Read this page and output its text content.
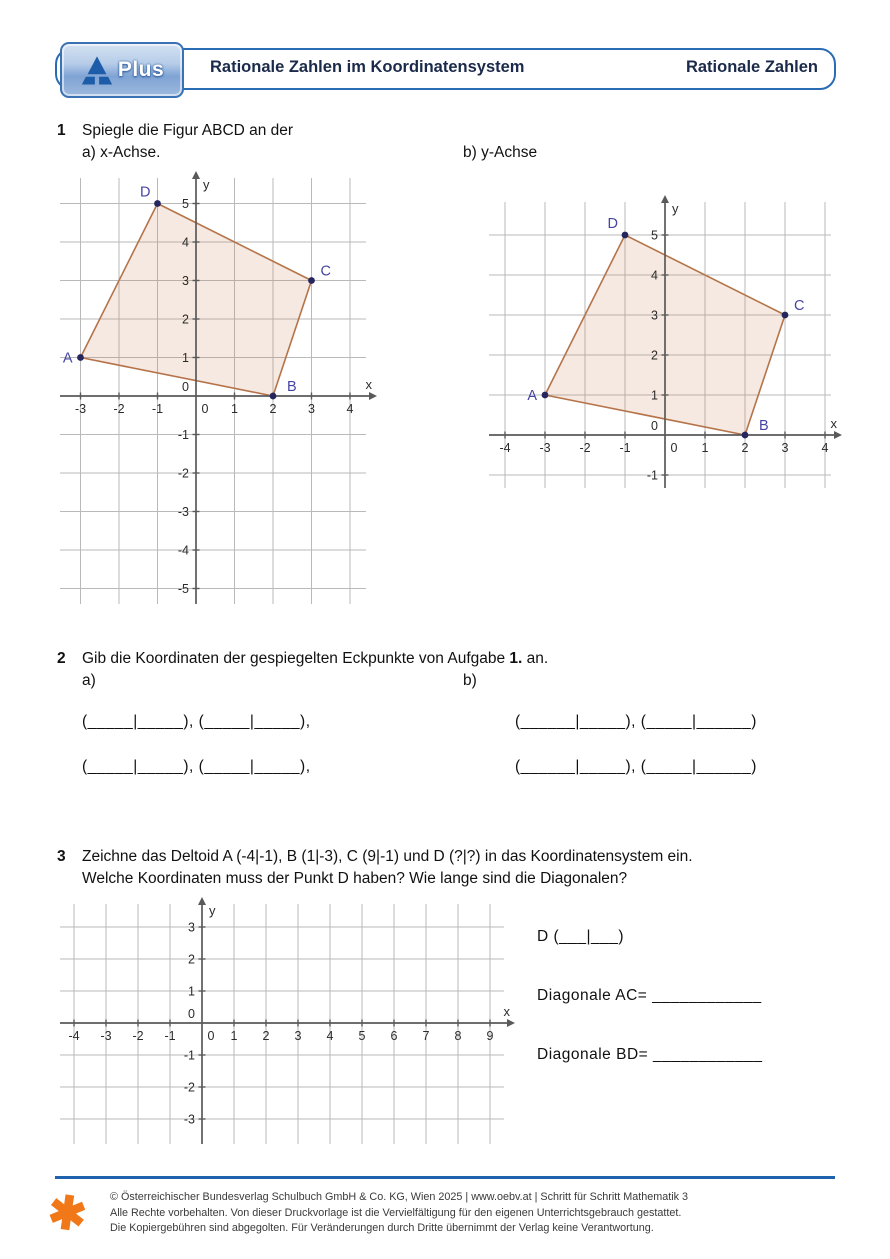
Plus	Rationale Zahlen im Koordinatensystem	Rationale Zahlen
1 Spiegle die Figur ABCD an der
a) x-Achse.	b) y-Achse
x
y
-3 -2 -1	0 1	2	3	4
-5
-4
-3
-2
-1
0
1
2
3
4
5
A
B
C
D
x
y
-4 -3 -2 -1	0 1	2	3	4
-1
0
1
2
3
4
5
A
B
C
D
2 Gib die Koordinaten der gespiegelten Eckpunkte von Aufgabe 1. an.
a)	b)
(_____|_____), (_____|_____),
(_____|_____), (_____|_____),
(______|_____), (_____|______)
(______|_____), (_____|______)
3 Zeichne das Deltoid A (-4|-1), B (1|-3), C (9|-1) und D (?|?) in das Koordinatensystem ein.
Welche Koordinaten muss der Punkt D haben? Wie lange sind die Diagonalen?
x
y
-4 -3 -2 -1	0 1 2 3 4 5 6 7 8 9
-3
-2
-1
0
1
2
3
D (___|___)
Diagonale AC= ____________
Diagonale BD= ____________
✱	© Österreichischer Bundesverlag Schulbuch GmbH & Co. KG, Wien 2025 | www.oebv.at | Schritt für Schritt Mathematik 3
Alle Rechte vorbehalten. Von dieser Druckvorlage ist die Vervielfältigung für den eigenen Unterrichtsgebrauch gestattet.
Die Kopiergebühren sind abgegolten. Für Veränderungen durch Dritte übernimmt der Verlag keine Verantwortung.
